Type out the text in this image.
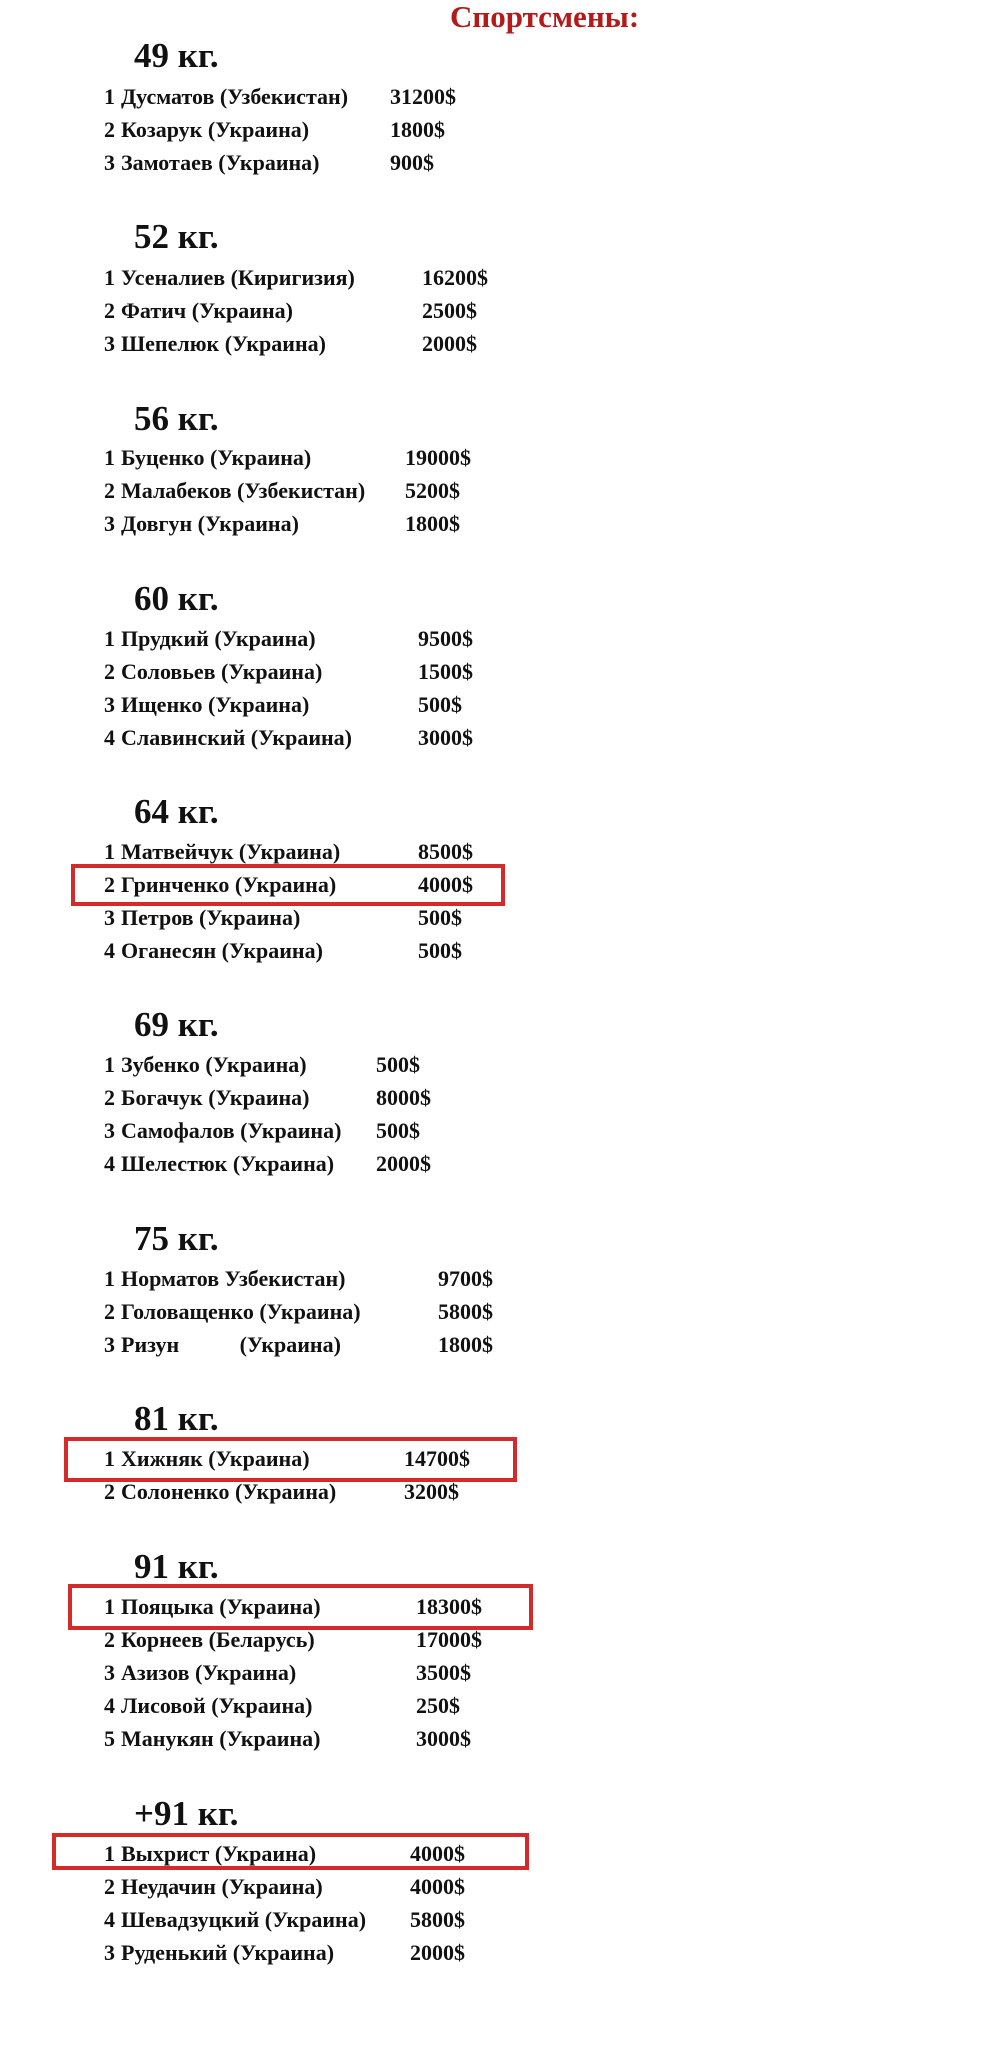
Спортсмены:
49 кг.
1 Дусматов (Узбекистан) 31200$
2 Козарук (Украина)	1800$
3 Замотаев (Украина)	900$
52 кг.
1 Усеналиев (Киригизия)	16200$
2 Фатич (Украина)	2500$
3 Шепелюк (Украина)	2000$
56 кг.
1 Буценко (Украина)	19000$
2 Малабеков (Узбекистан) 5200$
3 Довгун (Украина)	1800$
60 кг.
1 Прудкий (Украина)	9500$
2 Соловьев (Украина)	1500$
3 Ищенко (Украина)	500$
4 Славинский (Украина)	3000$
64 кг.
1 Матвейчук (Украина)	8500$
2 Гринченко (Украина)	4000$
3 Петров (Украина)	500$
4 Оганесян (Украина)	500$
69 кг.
1 Зубенко (Украина)	500$
2 Богачук (Украина)	8000$
3 Самофалов (Украина) 500$
4 Шелестюк (Украина) 2000$
75 кг.
1 Норматов Узбекистан)	9700$
2 Головащенко (Украина)	5800$
3 Ризун           (Украина)	1800$
81 кг.
1 Хижняк (Украина)	14700$
2 Солоненко (Украина)	3200$
91 кг.
1 Пояцыка (Украина)	18300$
2 Корнеев (Беларусь)	17000$
3 Азизов (Украина)	3500$
4 Лисовой (Украина)	250$
5 Манукян (Украина)	3000$
+91 кг.
1 Выхрист (Украина)	4000$
2 Неудачин (Украина)	4000$
4 Шевадзуцкий (Украина) 5800$
3 Руденький (Украина)	2000$
